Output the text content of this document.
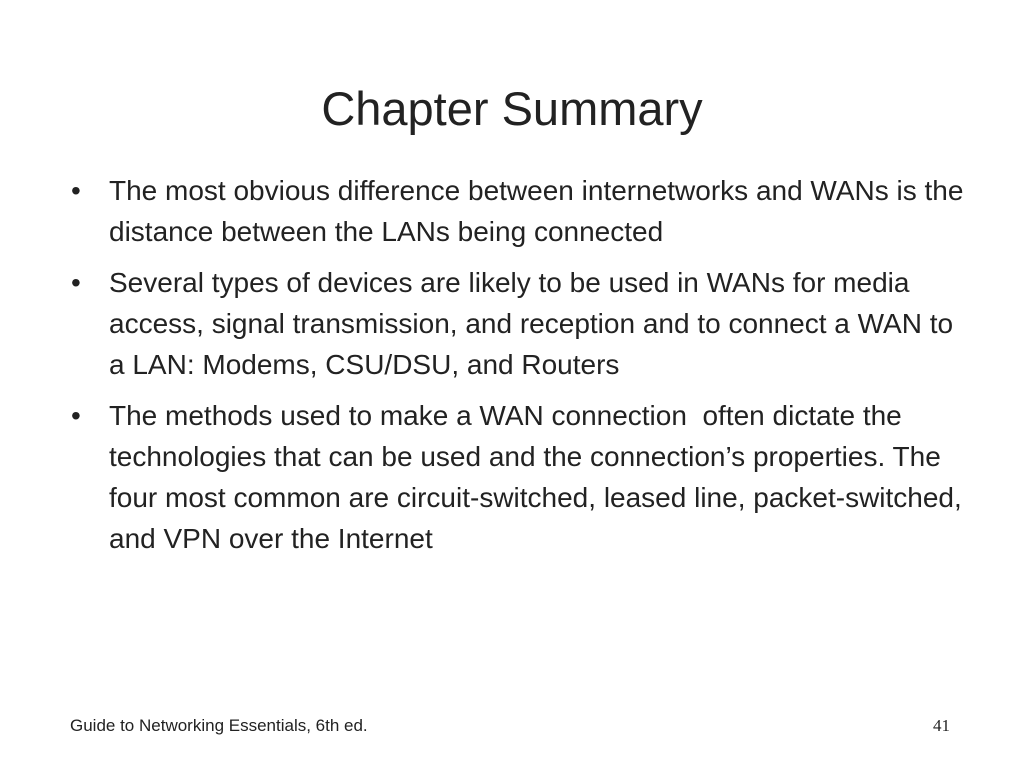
Chapter Summary
•	The most obvious difference between internetworks and WANs is the distance between the LANs being connected
•	Several types of devices are likely to be used in WANs for media access, signal transmission, and reception and to connect a WAN to a LAN: Modems, CSU/DSU, and Routers
•	The methods used to make a WAN connection  often dictate the technologies that can be used and the connection’s properties. The four most common are circuit-switched, leased line, packet-switched, and VPN over the Internet
Guide to Networking Essentials, 6th ed.	41
